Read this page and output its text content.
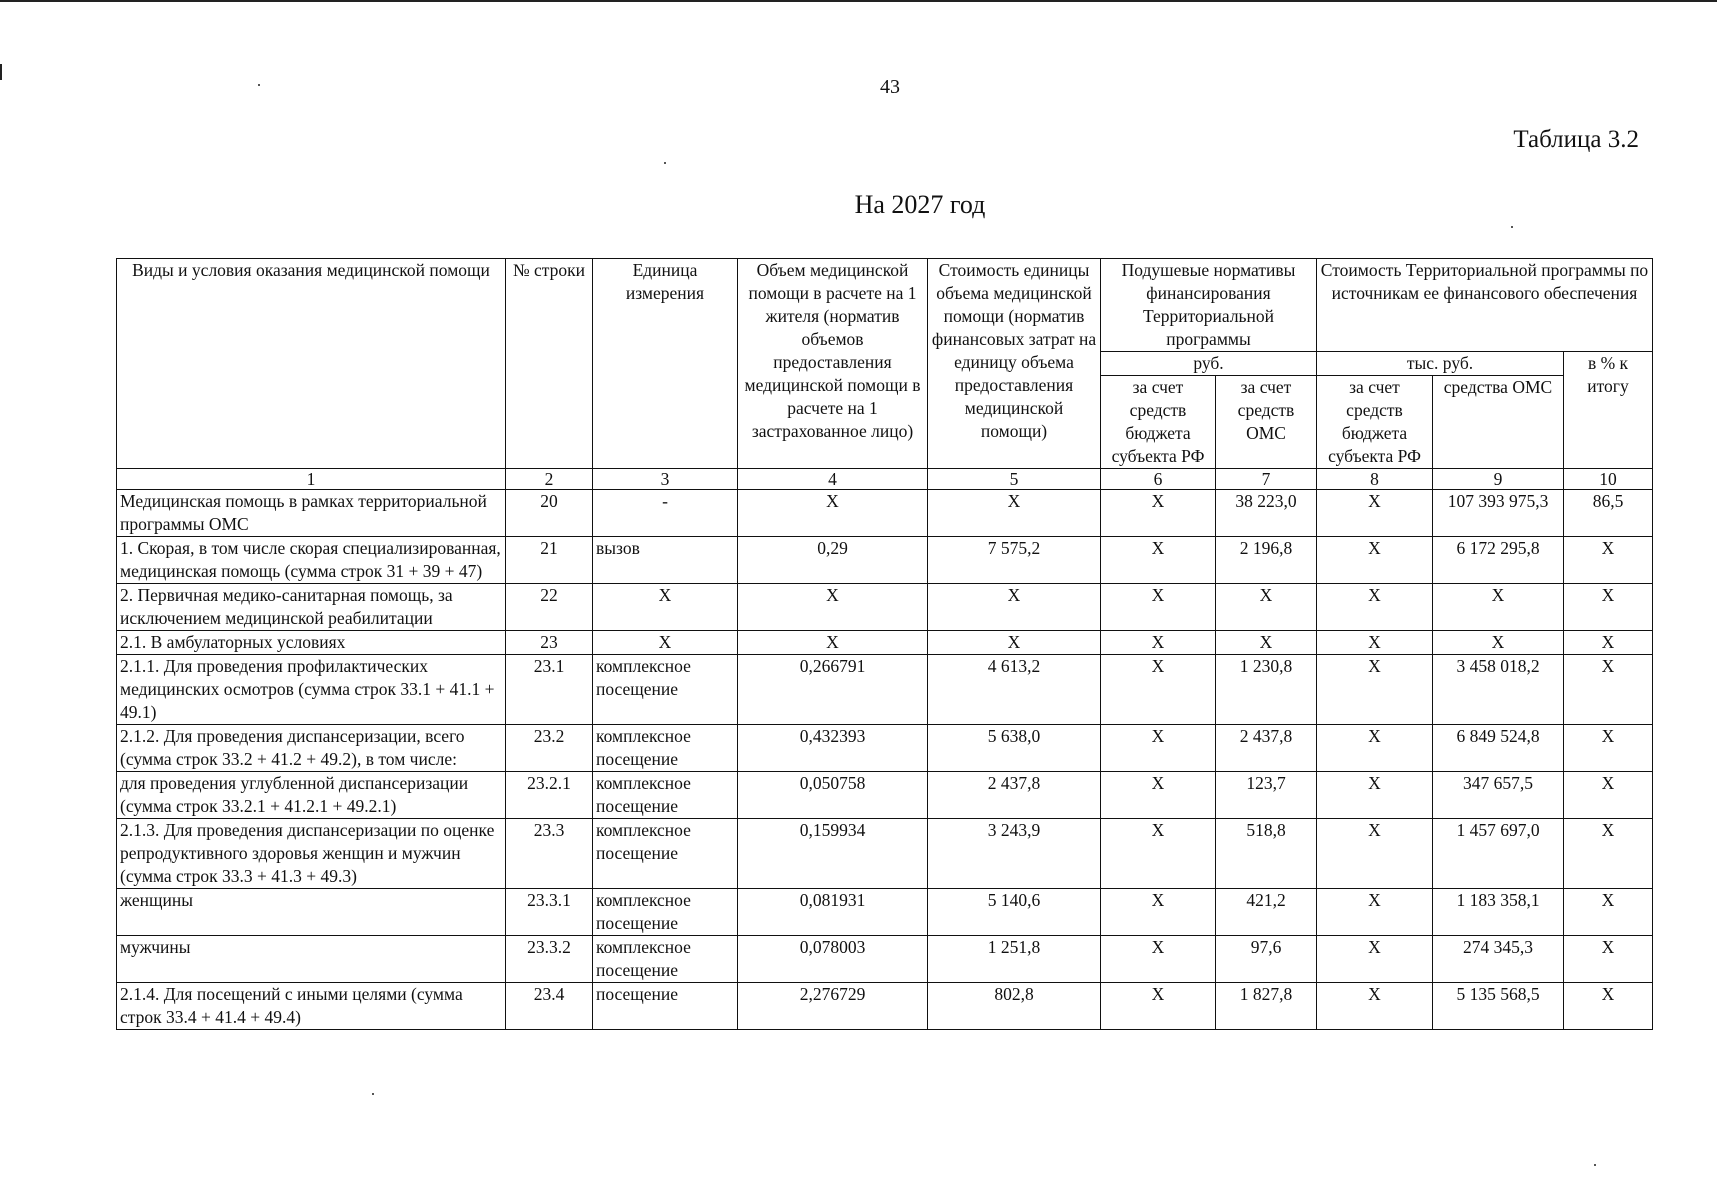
43
Таблица 3.2
На 2027 год
Виды и условия оказания медицинской помощи	№ строки	Единица измерения	Объем медицинской помощи в расчете на 1 жителя (норматив объемов предоставления медицинской помощи в расчете на 1 застрахованное лицо)	Стоимость единицы объема медицинской помощи (норматив финансовых затрат на единицу объема предоставления медицинской помощи)	Подушевые нормативы финансирования Территориальной программы		Стоимость Территориальной программы по источникам ее финансового обеспечения		
					руб.		тыс. руб.		в % к итогу
					за счет средств бюджета субъекта РФ	за счет средств ОМС	за счет средств бюджета субъекта РФ	средства ОМС	
1	2	3	4	5	6	7	8	9	10
Медицинская помощь в рамках территориальной программы ОМС	20	-	Х	Х	Х	38 223,0	Х	107 393 975,3	86,5
1. Скорая, в том числе скорая специализированная, медицинская помощь (сумма строк 31 + 39 + 47)	21	вызов	0,29	7 575,2	Х	2 196,8	Х	6 172 295,8	Х
2. Первичная медико-санитарная помощь, за исключением медицинской реабилитации	22	Х	Х	Х	Х	Х	Х	Х	Х
2.1. В амбулаторных условиях	23	Х	Х	Х	Х	Х	Х	Х	Х
2.1.1. Для проведения профилактических медицинских осмотров (сумма строк 33.1 + 41.1 + 49.1)	23.1	комплексное посещение	0,266791	4 613,2	Х	1 230,8	Х	3 458 018,2	Х
2.1.2. Для проведения диспансеризации, всего (сумма строк 33.2 + 41.2 + 49.2), в том числе:	23.2	комплексное посещение	0,432393	5 638,0	Х	2 437,8	Х	6 849 524,8	Х
для проведения углубленной диспансеризации (сумма строк 33.2.1 + 41.2.1 + 49.2.1)	23.2.1	комплексное посещение	0,050758	2 437,8	Х	123,7	Х	347 657,5	Х
2.1.3. Для проведения диспансеризации по оценке репродуктивного здоровья женщин и мужчин (сумма строк 33.3 + 41.3 + 49.3)	23.3	комплексное посещение	0,159934	3 243,9	Х	518,8	Х	1 457 697,0	Х
женщины	23.3.1	комплексное посещение	0,081931	5 140,6	Х	421,2	Х	1 183 358,1	Х
мужчины	23.3.2	комплексное посещение	0,078003	1 251,8	Х	97,6	Х	274 345,3	Х
2.1.4. Для посещений с иными целями (сумма строк 33.4 + 41.4 + 49.4)	23.4	посещение	2,276729	802,8	Х	1 827,8	Х	5 135 568,5	Х
